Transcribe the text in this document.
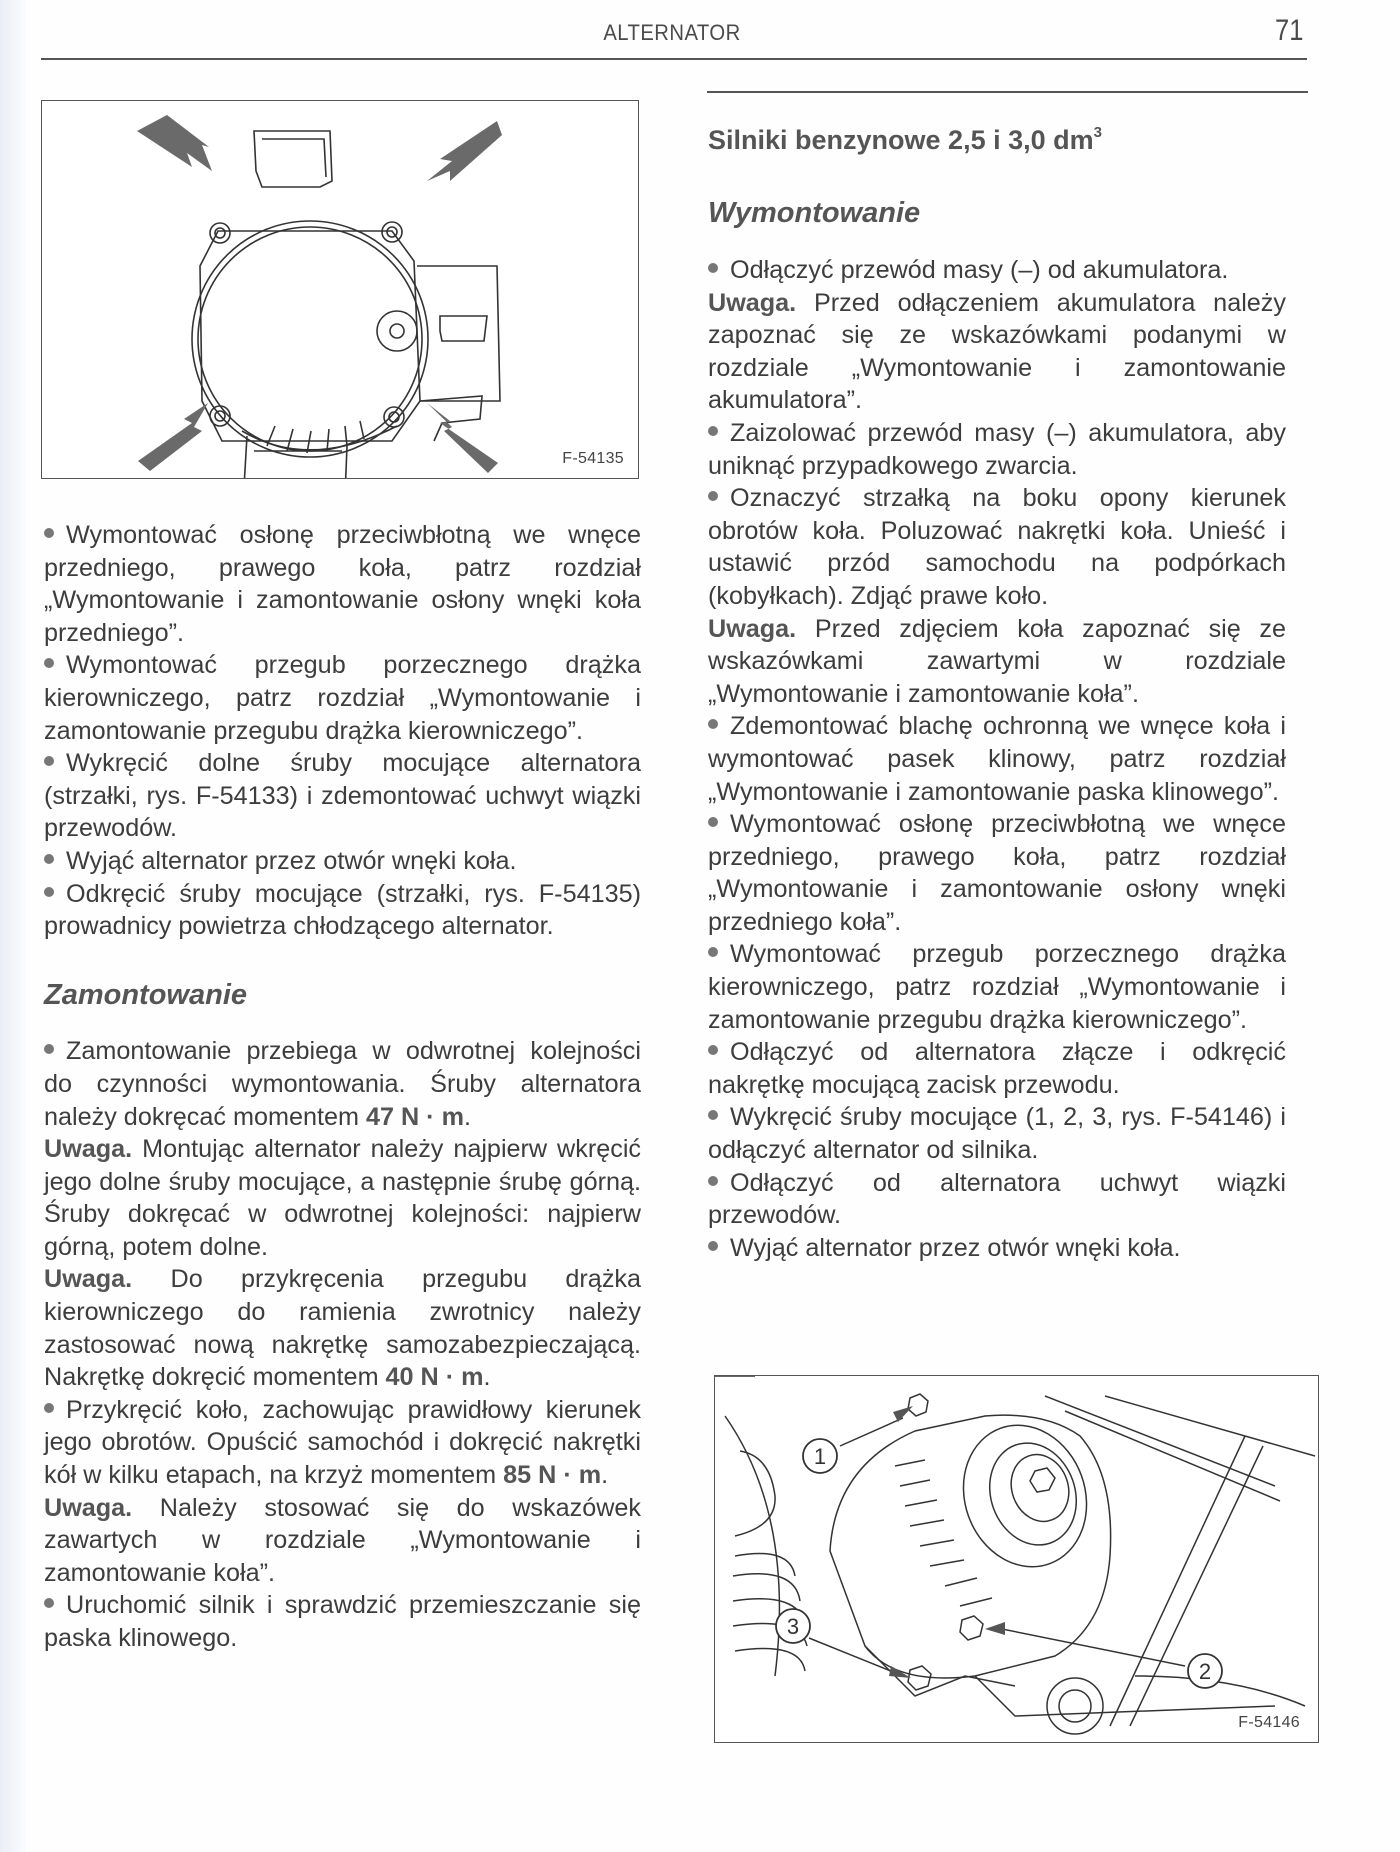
ALTERNATOR	71
F-54135

Wymontować osłonę przeciwbłotną we wnęce przedniego, prawego koła, patrz rozdział „Wymontowanie i zamontowanie osłony wnęki koła przedniego”.

Wymontować przegub porzecznego drążka kierowniczego, patrz rozdział „Wymontowanie i zamontowanie przegubu drążka kierowniczego”.

Wykręcić dolne śruby mocujące alternatora (strzałki, rys. F-54133) i zdemontować uchwyt wiązki przewodów.

Wyjąć alternator przez otwór wnęki koła.

Odkręcić śruby mocujące (strzałki, rys. F-54135) prowadnicy powietrza chłodzącego alternator.

Zamontowanie

Zamontowanie przebiega w odwrotnej kolejności do czynności wymontowania. Śruby alternatora należy dokręcać momentem 47 N · m.

Uwaga. Montując alternator należy najpierw wkręcić jego dolne śruby mocujące, a następnie śrubę górną. Śruby dokręcać w odwrotnej kolejności: najpierw górną, potem dolne.

Uwaga. Do przykręcenia przegubu drążka kierowniczego do ramienia zwrotnicy należy zastosować nową nakrętkę samozabezpieczającą. Nakrętkę dokręcić momentem 40 N · m.

Przykręcić koło, zachowując prawidłowy kierunek jego obrotów. Opuścić samochód i dokręcić nakrętki kół w kilku etapach, na krzyż momentem 85 N · m.

Uwaga. Należy stosować się do wskazówek zawartych w rozdziale „Wymontowanie i zamontowanie koła”.

Uruchomić silnik i sprawdzić przemieszczanie się paska klinowego.

Silniki benzynowe 2,5 i 3,0 $dm^3$
Wymontowanie

Odłączyć przewód masy (–) od akumulatora.

Uwaga. Przed odłączeniem akumulatora należy zapoznać się ze wskazówkami podanymi w rozdziale „Wymontowanie i zamontowanie akumulatora”.

Zaizolować przewód masy (–) akumulatora, aby uniknąć przypadkowego zwarcia.

Oznaczyć strzałką na boku opony kierunek obrotów koła. Poluzować nakrętki koła. Unieść i ustawić przód samochodu na podpórkach (kobyłkach). Zdjąć prawe koło.

Uwaga. Przed zdjęciem koła zapoznać się ze wskazówkami zawartymi w rozdziale „Wymontowanie i zamontowanie koła”.

Zdemontować blachę ochronną we wnęce koła i wymontować pasek klinowy, patrz rozdział „Wymontowanie i zamontowanie paska klinowego”.

Wymontować osłonę przeciwbłotną we wnęce przedniego, prawego koła, patrz rozdział „Wymontowanie i zamontowanie osłony wnęki przedniego koła”.

Wymontować przegub porzecznego drążka kierowniczego, patrz rozdział „Wymontowanie i zamontowanie przegubu drążka kierowniczego”.

Odłączyć od alternatora złącze i odkręcić nakrętkę mocującą zacisk przewodu.

Wykręcić śruby mocujące (1, 2, 3, rys. F-54146) i odłączyć alternator od silnika.

Odłączyć od alternatora uchwyt wiązki przewodów.

Wyjąć alternator przez otwór wnęki koła.

1
3
2
F-54146
